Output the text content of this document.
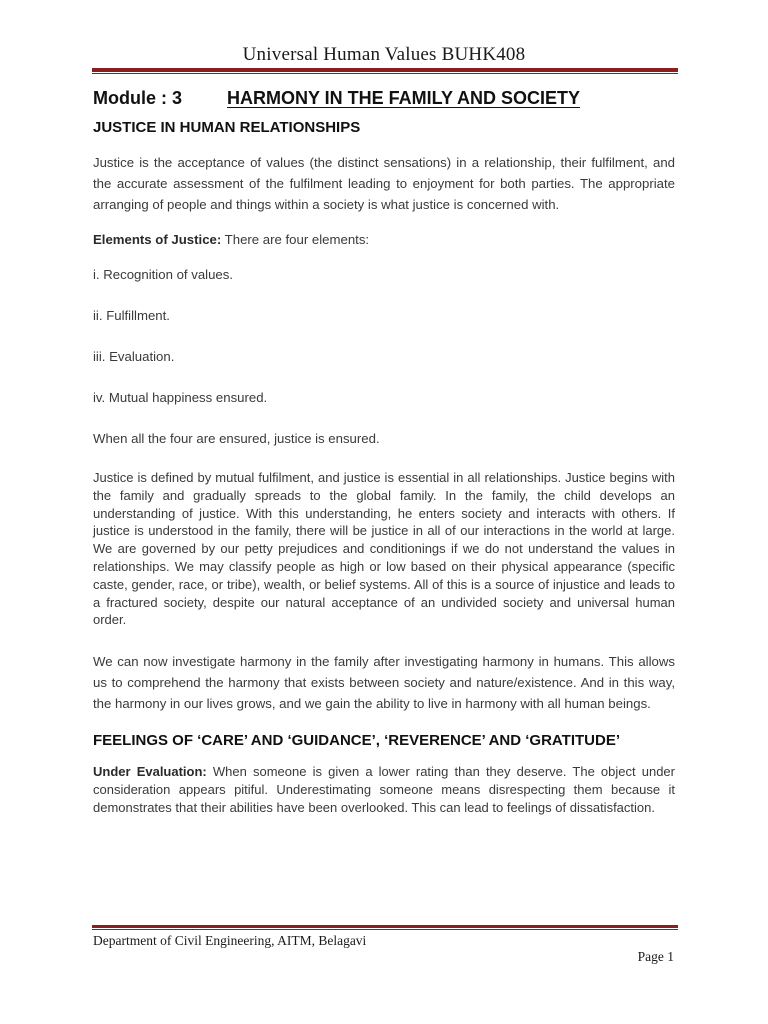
Universal Human Values BUHK408
Module : 3	HARMONY IN THE FAMILY AND SOCIETY
JUSTICE IN HUMAN RELATIONSHIPS

Justice is the acceptance of values (the distinct sensations) in a relationship, their fulfilment, and the accurate assessment of the fulfilment leading to enjoyment for both parties. The appropriate arranging of people and things within a society is what justice is concerned with.

Elements of Justice: There are four elements:

i. Recognition of values.

ii. Fulfillment.

iii. Evaluation.

iv. Mutual happiness ensured.

When all the four are ensured, justice is ensured.

Justice is defined by mutual fulfilment, and justice is essential in all relationships. Justice begins with the family and gradually spreads to the global family. In the family, the child develops an understanding of justice. With this understanding, he enters society and interacts with others. If justice is understood in the family, there will be justice in all of our interactions in the world at large. We are governed by our petty prejudices and conditionings if we do not understand the values in relationships. We may classify people as high or low based on their physical appearance (specific caste, gender, race, or tribe), wealth, or belief systems. All of this is a source of injustice and leads to a fractured society, despite our natural acceptance of an undivided society and universal human order.

We can now investigate harmony in the family after investigating harmony in humans. This allows us to comprehend the harmony that exists between society and nature/existence. And in this way, the harmony in our lives grows, and we gain the ability to live in harmony with all human beings.

FEELINGS OF ‘CARE’ AND ‘GUIDANCE’, ‘REVERENCE’ AND ‘GRATITUDE’

Under Evaluation: When someone is given a lower rating than they deserve. The object under consideration appears pitiful. Underestimating someone means disrespecting them because it demonstrates that their abilities have been overlooked. This can lead to feelings of dissatisfaction.

Department of Civil Engineering, AITM, Belagavi
Page 1
